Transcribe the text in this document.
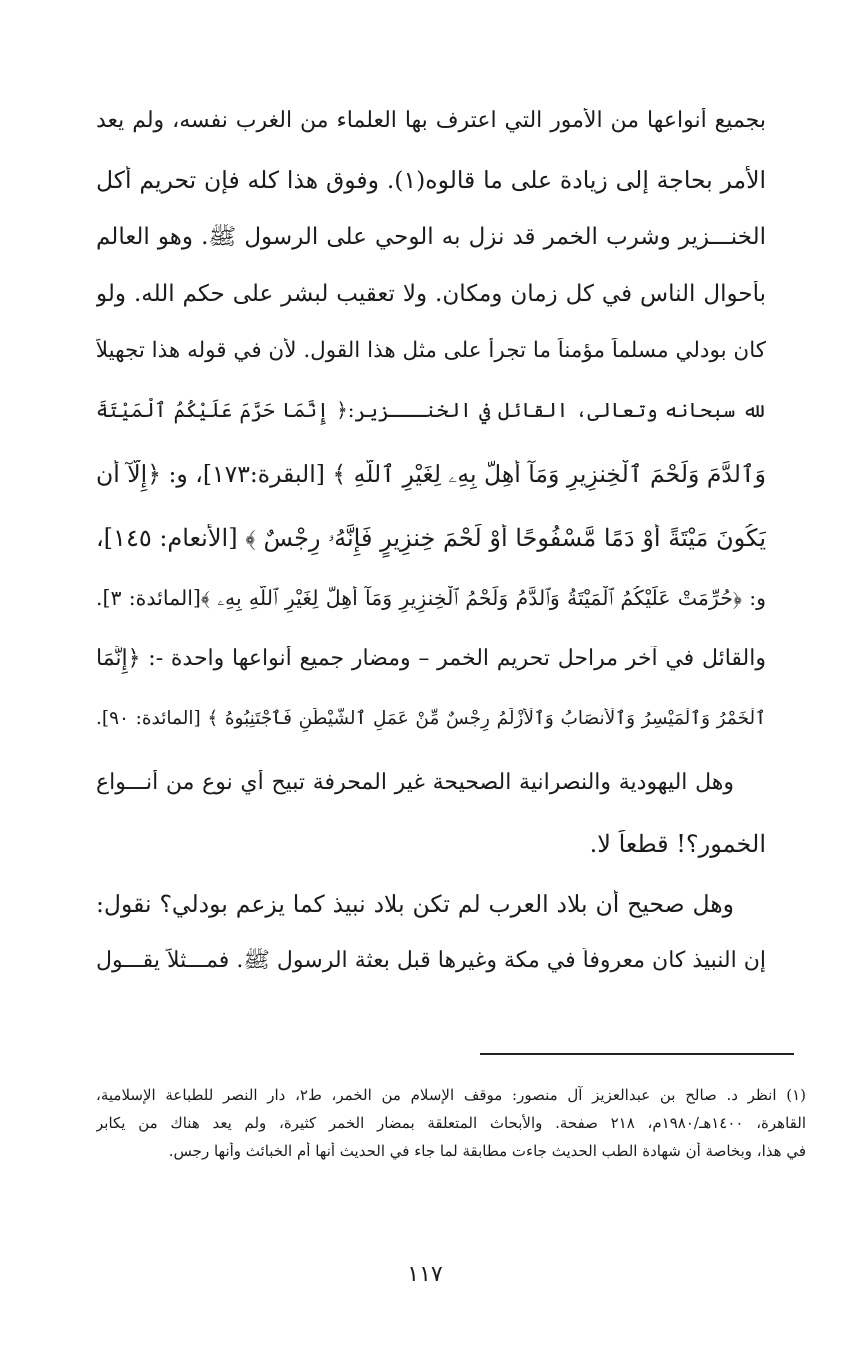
بجميع أنواعها من الأمور التي اعترف بها العلماء من الغرب نفسه، ولم يعد
الأمر بحاجة إلى زيادة على ما قالوه(١). وفوق هذا كله فإن تحريم أكل
الخنـــزير وشرب الخمر قد نزل به الوحي على الرسول ﷺ. وهو العالم
بأحوال الناس في كل زمان ومكان. ولا تعقيب لبشر على حكم الله. ولو
كان بودلي مسلماً مؤمناً ما تجرأ على مثل هذا القول. لأن في قوله هذا تجهيلاً
لله سبحانه وتعالى، القائل في الخنـــزير:﴿ إِنَّمَا حَرَّمَ عَلَيْكُمُ ٱلْمَيْتَةَ
وَٱلدَّمَ وَلَحْمَ ٱلْخِنزِيرِ وَمَآ أُهِلَّ بِهِۦ لِغَيْرِ ٱللَّهِ ﴾ [البقرة:١٧٣]، و: ﴿إِلَّآ أَن
يَكُونَ مَيْتَةً أَوْ دَمًا مَّسْفُوحًا أَوْ لَحْمَ خِنزِيرٍ فَإِنَّهُۥ رِجْسٌ ﴾ [الأنعام: ١٤٥]،
و: ﴿حُرِّمَتْ عَلَيْكُمُ ٱلْمَيْتَةُ وَٱلدَّمُ وَلَحْمُ ٱلْخِنزِيرِ وَمَآ أُهِلَّ لِغَيْرِ ٱللَّهِ بِهِۦ ﴾[المائدة: ٣].
والقائل في آخر مراحل تحريم الخمر – ومضار جميع أنواعها واحدة -: ﴿إِنَّمَا
ٱلْخَمْرُ وَٱلْمَيْسِرُ وَٱلْأَنصَابُ وَٱلْأَزْلَٰمُ رِجْسٌ مِّنْ عَمَلِ ٱلشَّيْطَٰنِ فَٱجْتَنِبُوهُ ﴾ [المائدة: ٩٠].
وهل اليهودية والنصرانية الصحيحة غير المحرفة تبيح أي نوع من أنـــواع
الخمور؟! قطعاً لا.
وهل صحيح أن بلاد العرب لم تكن بلاد نبيذ كما يزعم بودلي؟ نقول:
إن النبيذ كان معروفاً في مكة وغيرها قبل بعثة الرسول ﷺ. فمـــثلاً يقـــول
(١) انظر د. صالح بن عبدالعزيز آل منصور: موقف الإسلام من الخمر، ط٢، دار النصر للطباعة الإسلامية،
القاهرة، ١٤٠٠هـ/١٩٨٠م، ٢١٨ صفحة. والأبحاث المتعلقة بمضار الخمر كثيرة، ولم يعد هناك من يكابر
في هذا، وبخاصة أن شهادة الطب الحديث جاءت مطابقة لما جاء في الحديث أنها أم الخبائث وأنها رجس.
١١٧
